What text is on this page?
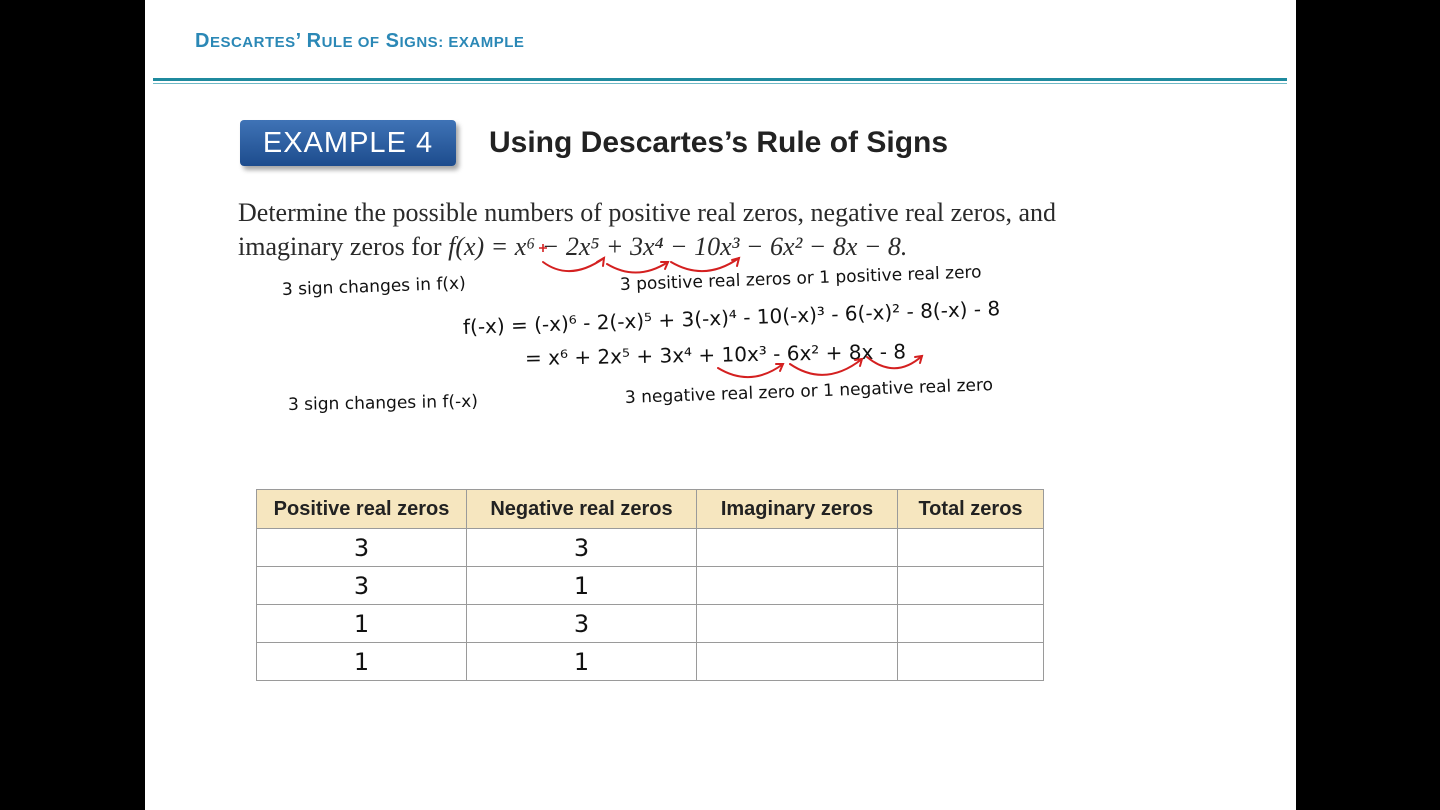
DESCARTES’ RULE OF SIGNS: EXAMPLE
EXAMPLE 4	Using Descartes’s Rule of Signs
Determine the possible numbers of positive real zeros, negative real zeros, and
imaginary zeros for f(x) = x⁶ − 2x⁵ + 3x⁴ − 10x³ − 6x² − 8x − 8.
3 sign changes in f(x)	3 positive real zeros or 1 positive real zero
f(-x) = (-x)⁶ - 2(-x)⁵ + 3(-x)⁴ - 10(-x)³ - 6(-x)² - 8(-x) - 8
= x⁶ + 2x⁵ + 3x⁴ + 10x³ - 6x² + 8x - 8
3 sign changes in f(-x)	3 negative real zero or 1 negative real zero
Positive real zeros	Negative real zeros	Imaginary zeros	Total zeros
3	3		
3	1		
1	3		
1	1		
